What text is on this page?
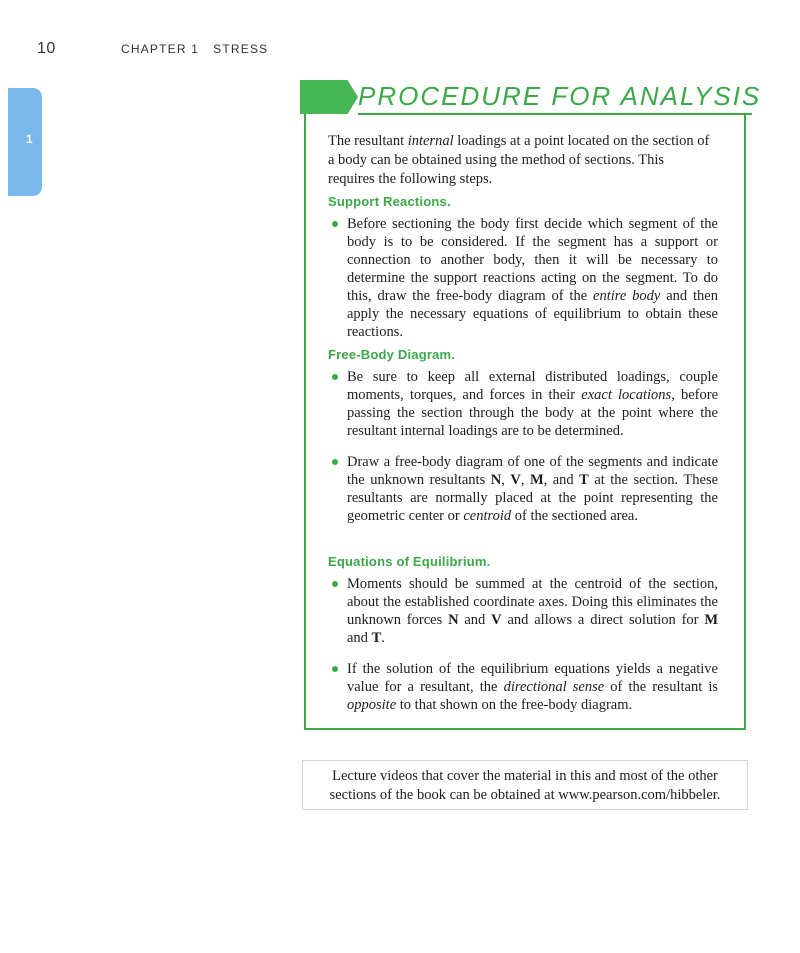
10	CHAPTER 1 STRESS
1
PROCEDURE FOR ANALYSIS

The resultant internal loadings at a point located on the section of a body can be obtained using the method of sections. This requires the following steps.

Support Reactions.

Before sectioning the body first decide which segment of the body is to be considered. If the segment has a support or connection to another body, then it will be necessary to determine the support reactions acting on the segment. To do this, draw the free-body diagram of the entire body and then apply the necessary equations of equilibrium to obtain these reactions.

Free-Body Diagram.

Be sure to keep all external distributed loadings, couple moments, torques, and forces in their exact locations, before passing the section through the body at the point where the resultant internal loadings are to be determined.

Draw a free-body diagram of one of the segments and indicate the unknown resultants N, V, M, and T at the section. These resultants are normally placed at the point representing the geometric center or centroid of the sectioned area.

Equations of Equilibrium.

Moments should be summed at the centroid of the section, about the established coordinate axes. Doing this eliminates the unknown forces N and V and allows a direct solution for M and T.

If the solution of the equilibrium equations yields a negative value for a resultant, the directional sense of the resultant is opposite to that shown on the free-body diagram.

Lecture videos that cover the material in this and most of the other sections of the book can be obtained at www.pearson.com/hibbeler.
